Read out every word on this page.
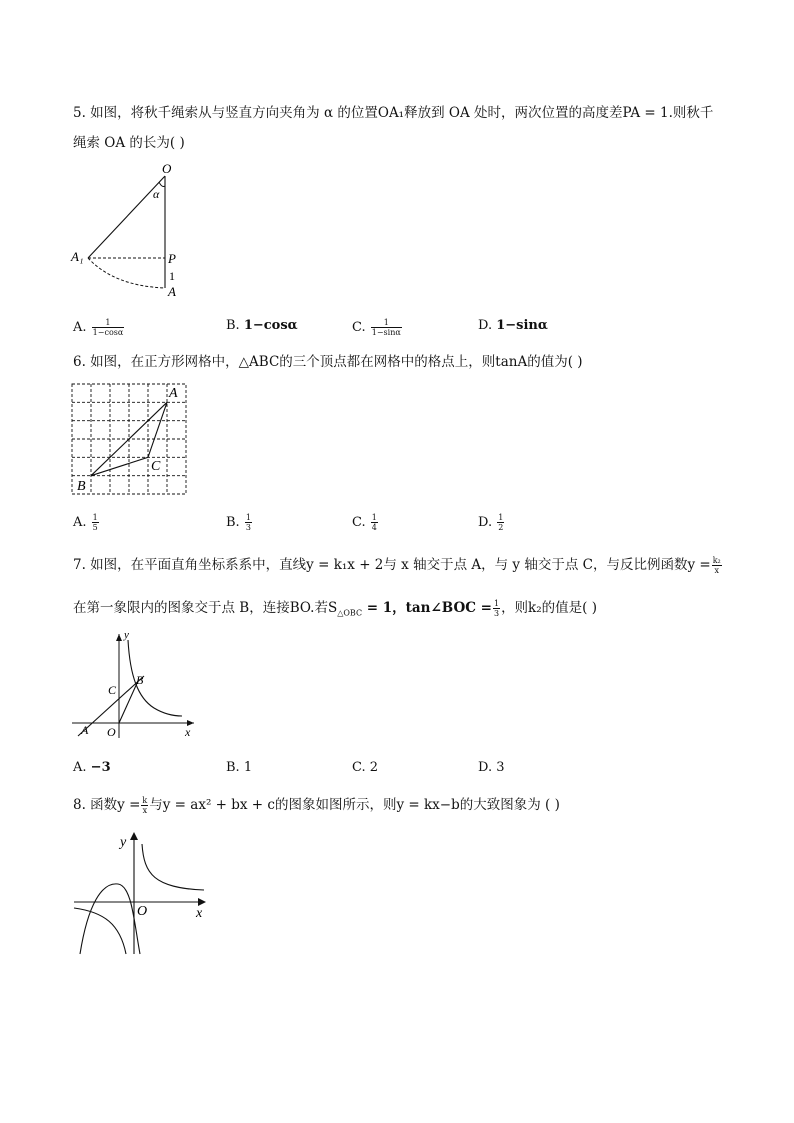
5. 如图，将秋千绳索从与竖直方向夹角为 α 的位置OA₁释放到 OA 处时，两次位置的高度差PA = 1.则秋千
绳索 OA 的长为( )
O
α
A₁	P
1
A
A. $\frac{1}{1-\cos\alpha}$	B. 1−cosα	C. $\frac{1}{1-\sin\alpha}$	D. 1−sinα
6. 如图，在正方形网格中，△ABC的三个顶点都在网格中的格点上，则tanA的值为( )
A
B
C
A. $\frac{1}{5}$	B. $\frac{1}{3}$	C. $\frac{1}{4}$	D. $\frac{1}{2}$
7. 如图，在平面直角坐标系系中，直线y = k₁x + 2与 x 轴交于点 A，与 y 轴交于点 C，与反比例函数$y = \frac{\text{k₂}}{x}$
在第一象限内的图象交于点 B，连接BO.若$S_{\triangle OBC} = 1$，tan∠BOC = $\frac{1}{3}$ ，则k₂的值是( )
y
x
O
A
B
C
A. −3	B. 1	C. 2	D. 3
8. 函数$y = \frac{k}{x}$ 与y = ax² + bx + c的图象如图所示，则y = kx−b的大致图象为 ( )
y
x
O
